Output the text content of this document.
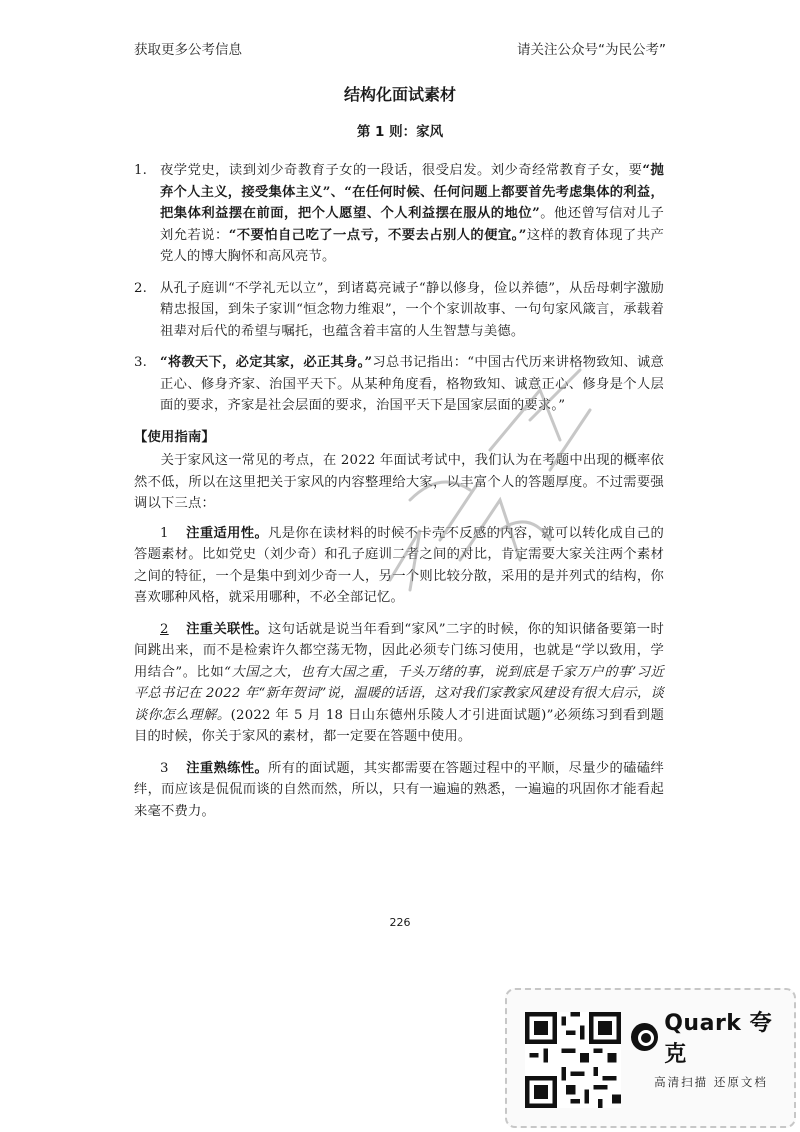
获取更多公考信息	请关注公众号“为民公考”
结构化面试素材
第 1 则：家风
1. 夜学党史，读到刘少奇教育子女的一段话，很受启发。刘少奇经常教育子女，要“抛弃个人主义，接受集体主义”、“在任何时候、任何问题上都要首先考虑集体的利益，把集体利益摆在前面，把个人愿望、个人利益摆在服从的地位”。他还曾写信对儿子刘允若说：“不要怕自己吃了一点亏，不要去占别人的便宜。”这样的教育体现了共产党人的博大胸怀和高风亮节。
2. 从孔子庭训“不学礼无以立”，到诸葛亮诫子“静以修身，俭以养德”，从岳母刺字激励精忠报国，到朱子家训“恒念物力维艰”，一个个家训故事、一句句家风箴言，承载着祖辈对后代的希望与嘱托，也蕴含着丰富的人生智慧与美德。
3. “将教天下，必定其家，必正其身。”习总书记指出：“中国古代历来讲格物致知、诚意正心、修身齐家、治国平天下。从某种角度看，格物致知、诚意正心、修身是个人层面的要求，齐家是社会层面的要求，治国平天下是国家层面的要求。”
【使用指南】

关于家风这一常见的考点，在 2022 年面试考试中，我们认为在考题中出现的概率依然不低，所以在这里把关于家风的内容整理给大家，以丰富个人的答题厚度。不过需要强调以下三点：

1 注重适用性。凡是你在读材料的时候不卡壳不反感的内容，就可以转化成自己的答题素材。比如党史（刘少奇）和孔子庭训二者之间的对比，肯定需要大家关注两个素材之间的特征，一个是集中到刘少奇一人，另一个则比较分散，采用的是并列式的结构，你喜欢哪种风格，就采用哪种，不必全部记忆。

2 注重关联性。这句话就是说当年看到“家风”二字的时候，你的知识储备要第一时间跳出来，而不是检索许久都空荡无物，因此必须专门练习使用，也就是“学以致用，学用结合”。比如“大国之大，也有大国之重，千头万绪的事，说到底是千家万户的事’习近平总书记在 2022 年“新年贺词”说，温暖的话语，这对我们家教家风建设有很大启示，谈谈你怎么理解。(2022 年 5 月 18 日山东德州乐陵人才引进面试题)”必须练习到看到题目的时候，你关于家风的素材，都一定要在答题中使用。

3 注重熟练性。所有的面试题，其实都需要在答题过程中的平顺，尽量少的磕磕绊绊，而应该是侃侃而谈的自然而然，所以，只有一遍遍的熟悉，一遍遍的巩固你才能看起来毫不费力。

226
Quark 夸克
高清扫描 还原文档
